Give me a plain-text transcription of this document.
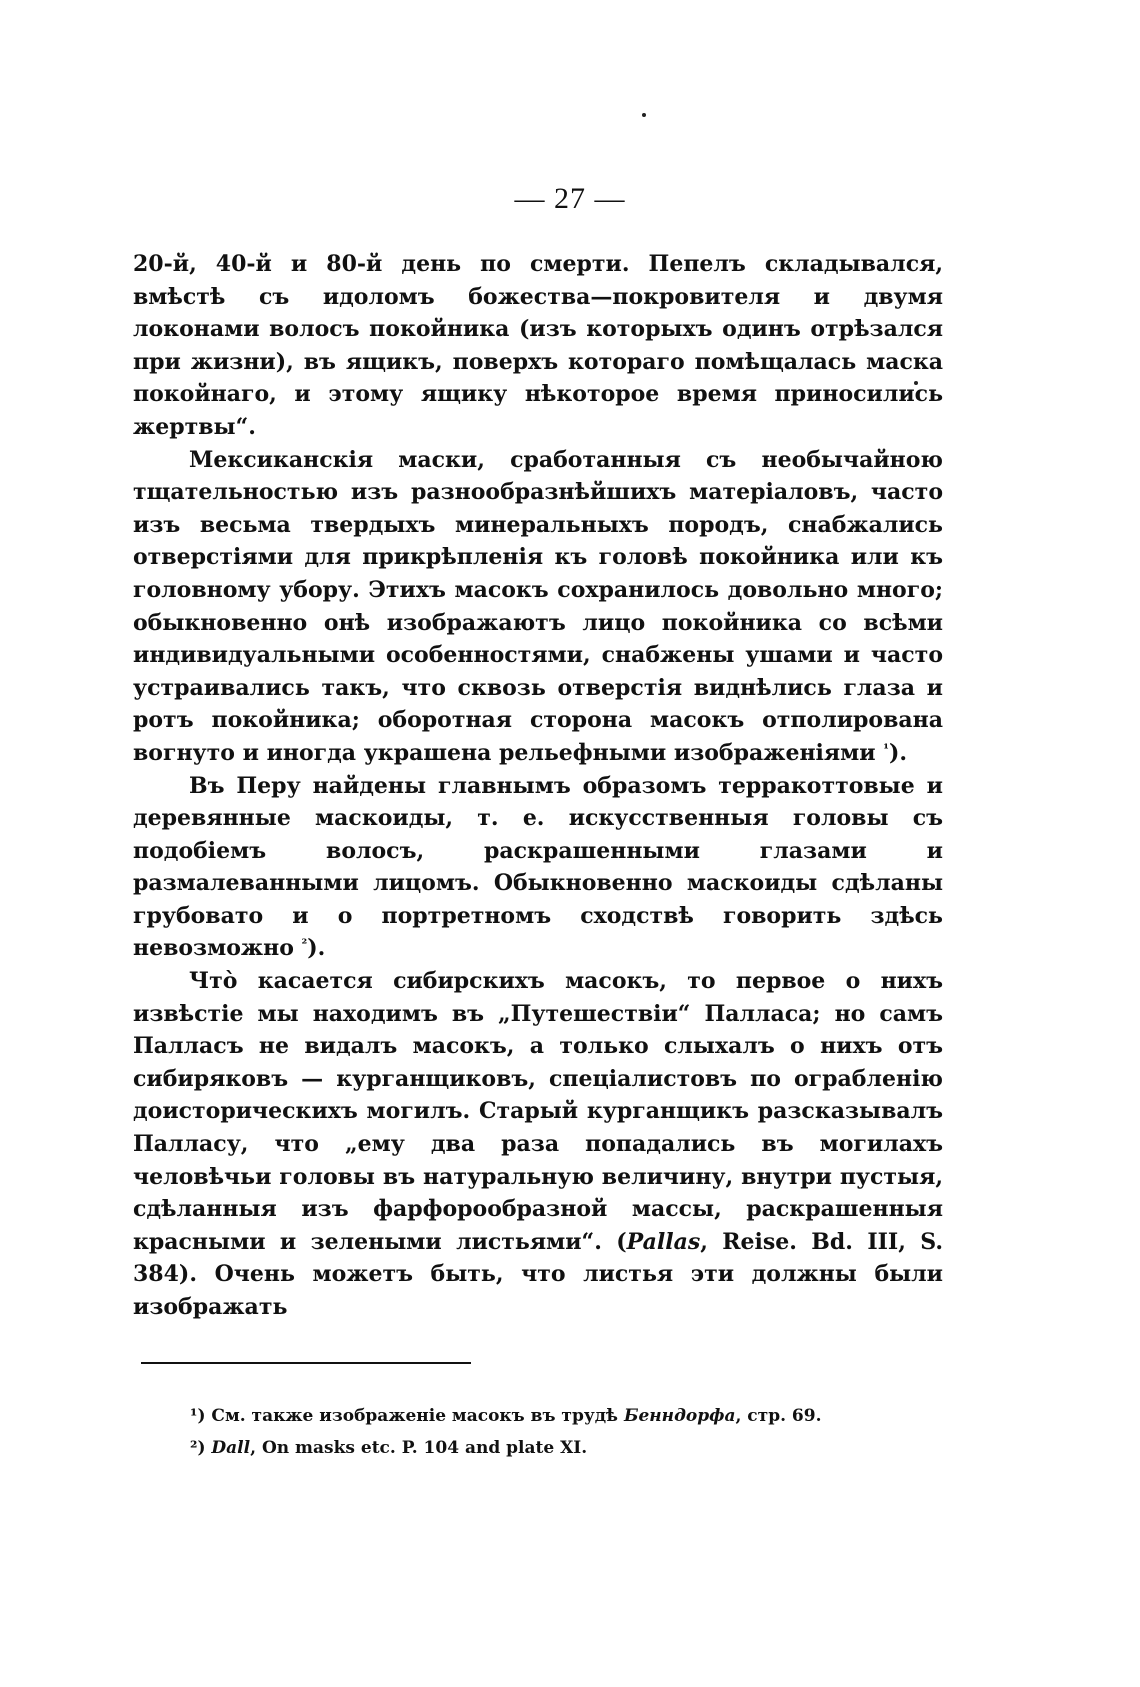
— 27 —

20-й, 40-й и 80-й день по смерти. Пепелъ складывался, вмѣстѣ съ идоломъ божества—покровителя и двумя локонами волосъ покойника (изъ которыхъ одинъ отрѣзался при жизни), въ ящикъ, поверхъ котораго помѣщалась маска покойнаго, и этому ящику нѣкоторое время приносились жертвы“.

Мексиканскія маски, сработанныя съ необычайною тщательностью изъ разнообразнѣйшихъ матеріаловъ, часто изъ весьма твердыхъ минеральныхъ породъ, снабжались отверстіями для прикрѣпленія къ головѣ покойника или къ головному убору. Этихъ масокъ сохранилось довольно много; обыкновенно онѣ изображаютъ лицо покойника со всѣми индивидуальными особенностями, снабжены ушами и часто устраивались такъ, что сквозь отверстія виднѣлись глаза и ротъ покойника; оборотная сторона масокъ отполирована вогнуто и иногда украшена рельефными изображеніями $^{^1}$).

Въ Перу найдены главнымъ образомъ терракоттовые и деревянные маскоиды, т. е. искусственныя головы съ подобіемъ волосъ, раскрашенными глазами и размалеванными лицомъ. Обыкновенно маскоиды сдѣланы грубовато и о портретномъ сходствѣ говорить здѣсь невозможно $^{^2}$).

Чтò касается сибирскихъ масокъ, то первое о нихъ извѣстіе мы находимъ въ „Путешествіи“ Палласа; но самъ Палласъ не видалъ масокъ, а только слыхалъ о нихъ отъ сибиряковъ — курганщиковъ, спеціалистовъ по ограбленію доисторическихъ могилъ. Старый курганщикъ разсказывалъ Палласу, что „ему два раза попадались въ могилахъ человѣчьи головы въ натуральную величину, внутри пустыя, сдѣланныя изъ фарфорообразной массы, раскрашенныя красными и зелеными листьями“. (Pallas, Reise. Bd. III, S. 384). Очень можетъ быть, что листья эти должны были изображать

¹) См. также изображеніе масокъ въ трудѣ Бенндорфа, стр. 69.
²) Dall, On masks etc. P. 104 and plate XI.
